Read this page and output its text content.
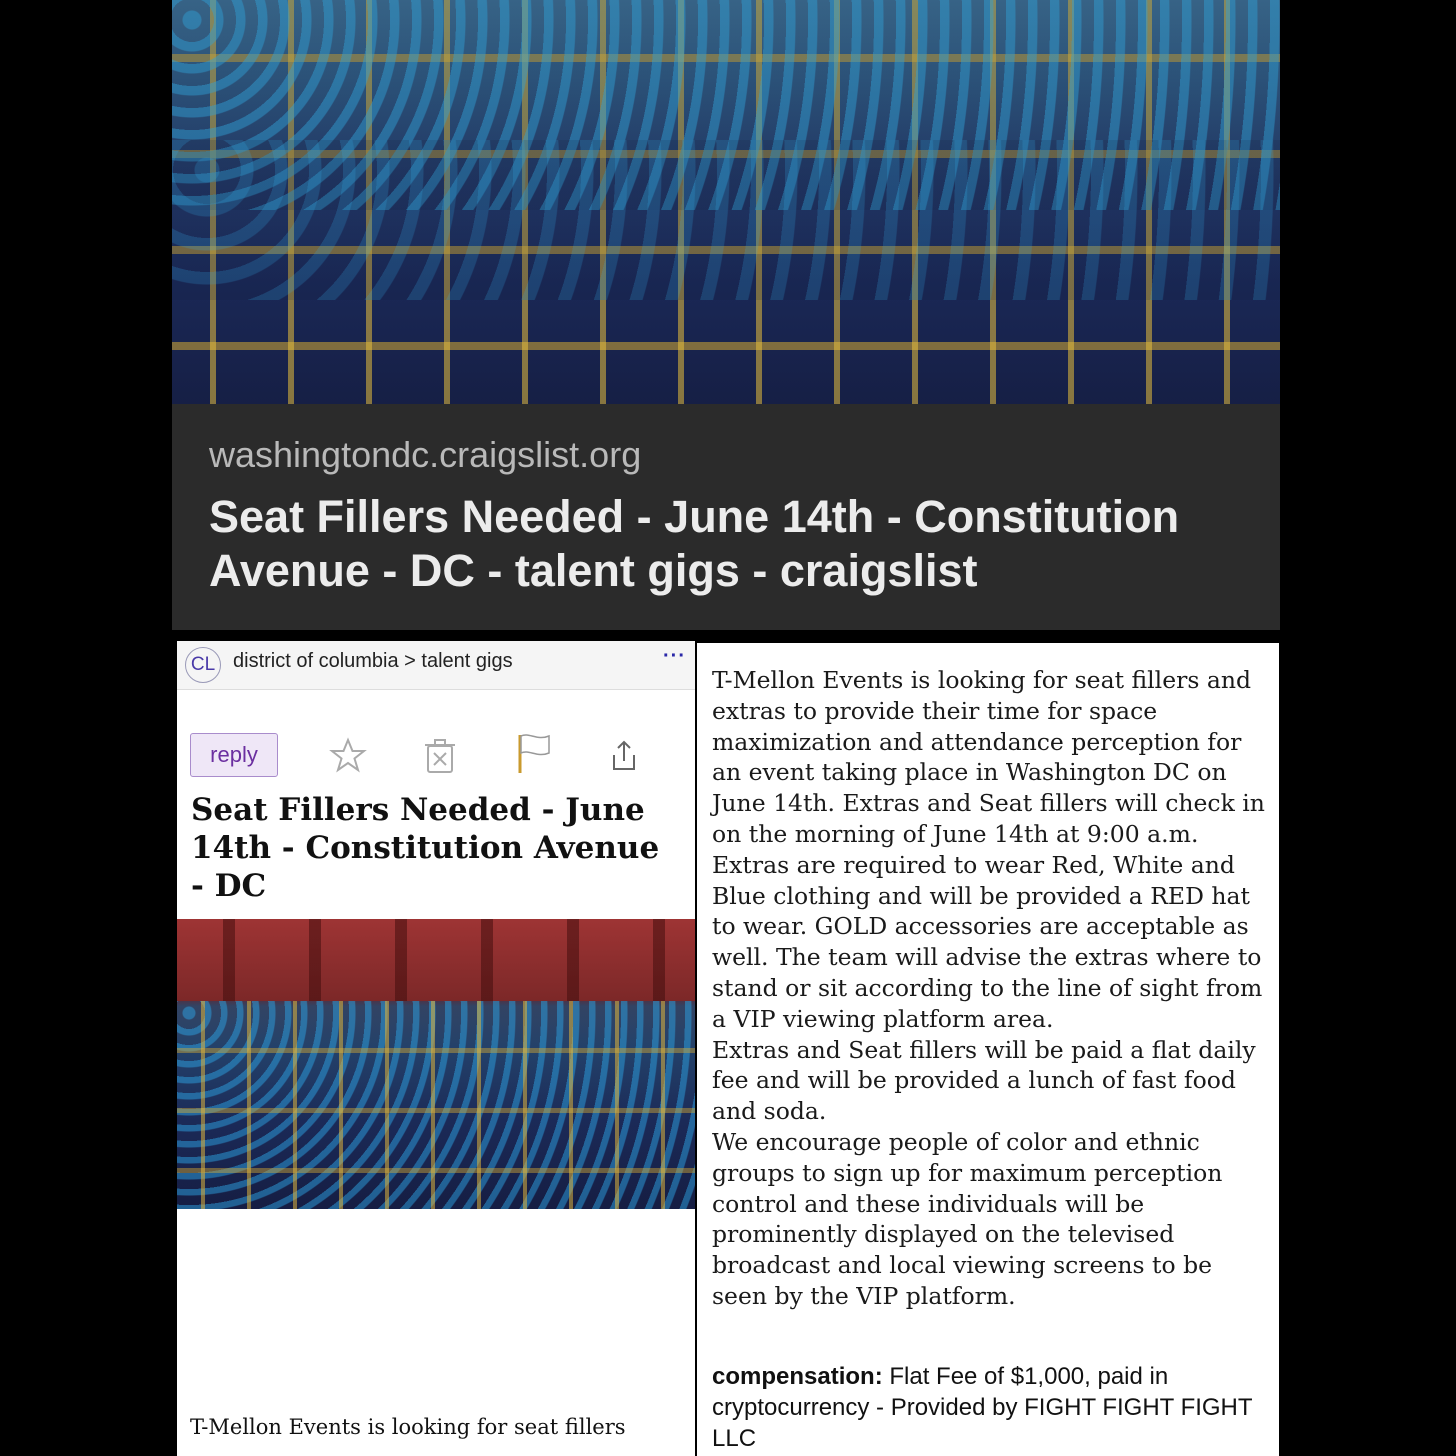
washingtondc.craigslist.org
Seat Fillers Needed - June 14th - Constitution Avenue - DC - talent gigs - craigslist
CL district of columbia > talent gigs	···
reply
Seat Fillers Needed - June 14th - Constitution Avenue - DC
T-Mellon Events is looking for seat fillers
T-Mellon Events is looking for seat fillers and extras to provide their time for space maximization and attendance perception for an event taking place in Washington DC on June 14th. Extras and Seat fillers will check in on the morning of June 14th at 9:00 a.m. Extras are required to wear Red, White and Blue clothing and will be provided a RED hat to wear. GOLD accessories are acceptable as well. The team will advise the extras where to stand or sit according to the line of sight from a VIP viewing platform area.
Extras and Seat fillers will be paid a flat daily fee and will be provided a lunch of fast food and soda.
We encourage people of color and ethnic groups to sign up for maximum perception control and these individuals will be prominently displayed on the televised broadcast and local viewing screens to be seen by the VIP platform.
compensation: Flat Fee of $1,000, paid in cryptocurrency - Provided by FIGHT FIGHT FIGHT LLC
